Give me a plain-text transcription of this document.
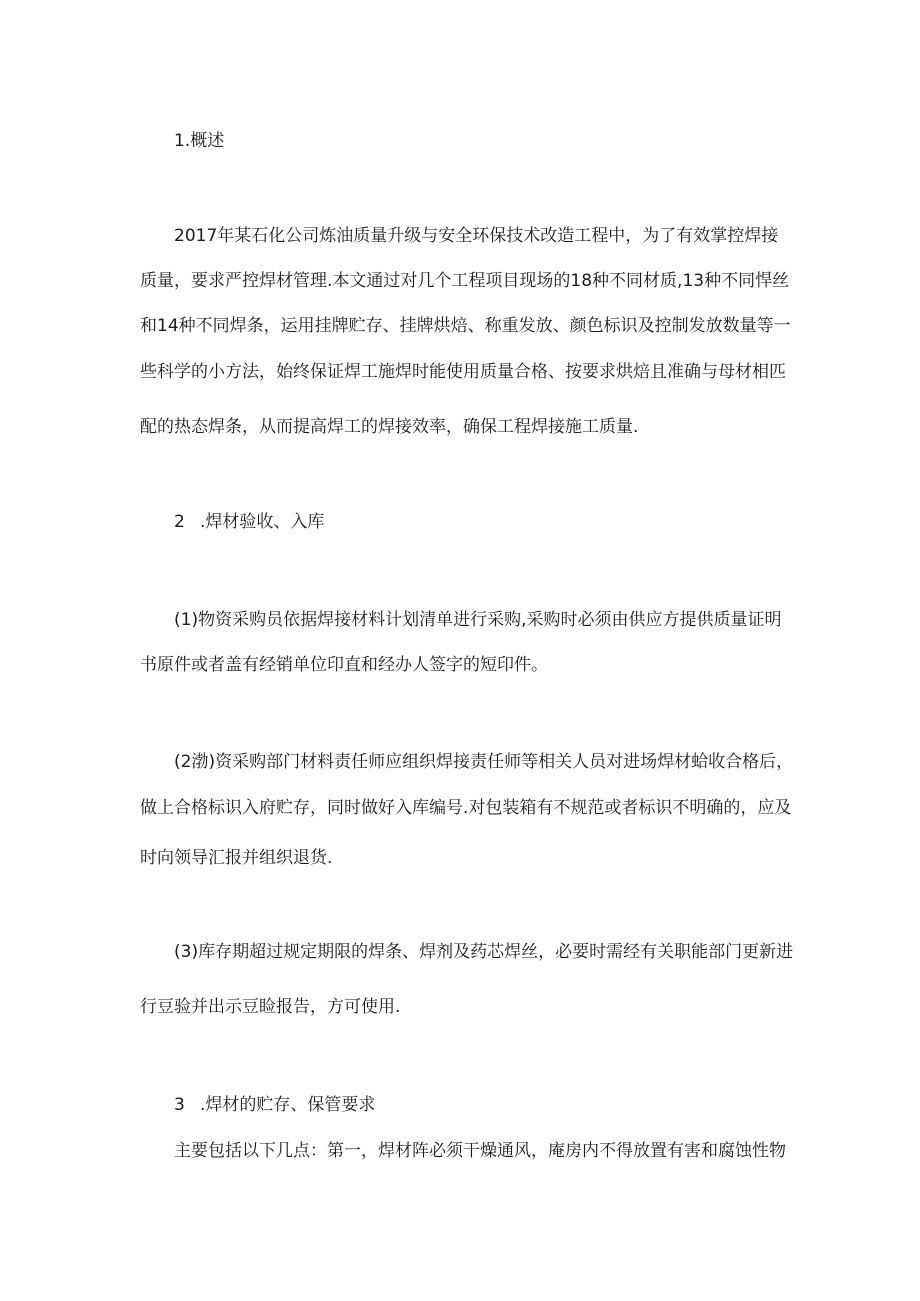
1.概述
2017年某石化公司炼油质量升级与安全环保技术改造工程中，为了有效掌控焊接
质量，要求严控焊材管理.本文通过对几个工程项目现场的18种不同材质,13种不同悍丝
和14种不同焊条，运用挂牌贮存、挂牌烘焙、称重发放、颜色标识及控制发放数量等一
些科学的小方法，始终保证焊工施焊时能使用质量合格、按要求烘焙且准确与母材相匹
配的热态焊条，从而提高焊工的焊接效率，确保工程焊接施工质量.
2 .焊材验收、入库
(1)物资采购员依据焊接材料计划清单进行采购,采购时必须由供应方提供质量证明
书原件或者盖有经销单位印直和经办人签字的短印件。
(2渤)资采购部门材料责任师应组织焊接责任师等相关人员对进场焊材蛤收合格后，
做上合格标识入府贮存，同时做好入库编号.对包装箱有不规范或者标识不明确的，应及
时向领导汇报并组织退货.
(3)库存期超过规定期限的焊条、焊剂及药芯焊丝，必要时需经有关职能部门更新进
行豆验并出示豆睑报告，方可使用.
3 .焊材的贮存、保管要求
主要包括以下几点：第一，焊材阵必须干燥通风，庵房内不得放置有害和腐蚀性物
